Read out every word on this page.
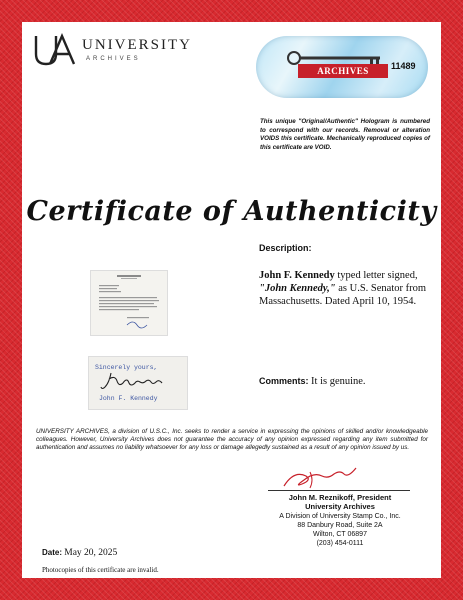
UNIVERSITY
ARCHIVES
ARCHIVES	11489
This unique "Original/Authentic" Hologram is numbered to correspond with our records. Removal or alteration VOIDS this certificate. Mechanically reproduced copies of this certificate are VOID.
Certificate of Authenticity
Description:
John F. Kennedy typed letter signed, "John Kennedy," as U.S. Senator from Massachusetts. Dated April 10, 1954.
Sincerely yours,
John F. Kennedy
Comments: It is genuine.
UNIVERSITY ARCHIVES, a division of U.S.C., Inc. seeks to render a service in expressing the opinions of skilled and/or knowledgeable colleagues. However, University Archives does not guarantee the accuracy of any opinion expressed regarding any item submitted for authentication and assumes no liability whatsoever for any loss or damage allegedly sustained as a result of any opinion issued by us.
John M. Reznikoff, President
University Archives
A Division of University Stamp Co., Inc.
88 Danbury Road, Suite 2A
Wilton, CT 06897
(203) 454-0111
Date: May 20, 2025
Photocopies of this certificate are invalid.
